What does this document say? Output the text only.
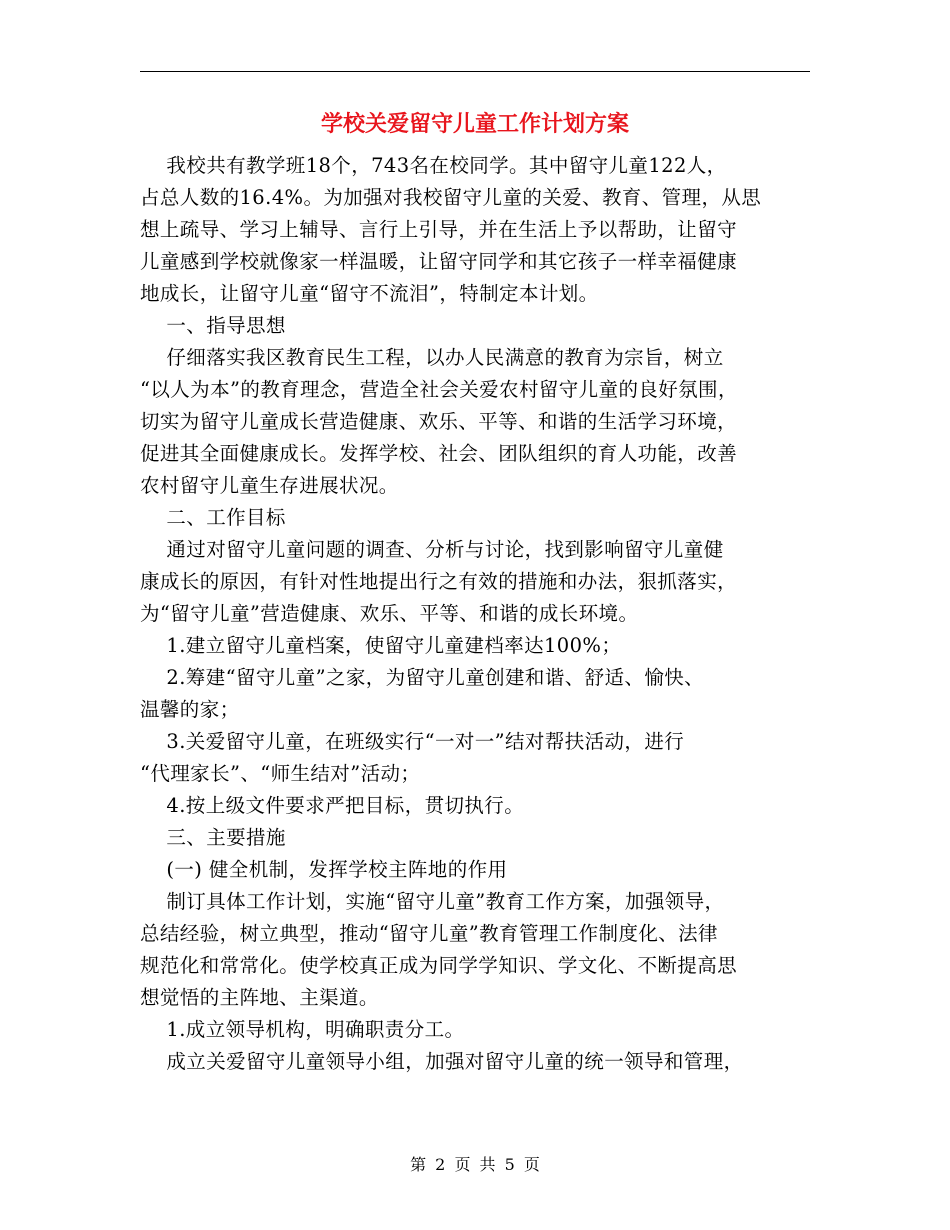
学校关爱留守儿童工作计划方案
我校共有教学班18个，743名在校同学。其中留守儿童122人，
占总人数的16.4%。为加强对我校留守儿童的关爱、教育、管理，从思
想上疏导、学习上辅导、言行上引导，并在生活上予以帮助，让留守
儿童感到学校就像家一样温暖，让留守同学和其它孩子一样幸福健康
地成长，让留守儿童“留守不流泪”，特制定本计划。
一、指导思想
仔细落实我区教育民生工程，以办人民满意的教育为宗旨，树立
“以人为本”的教育理念，营造全社会关爱农村留守儿童的良好氛围，
切实为留守儿童成长营造健康、欢乐、平等、和谐的生活学习环境，
促进其全面健康成长。发挥学校、社会、团队组织的育人功能，改善
农村留守儿童生存进展状况。
二、工作目标
通过对留守儿童问题的调查、分析与讨论，找到影响留守儿童健
康成长的原因，有针对性地提出行之有效的措施和办法，狠抓落实，
为“留守儿童”营造健康、欢乐、平等、和谐的成长环境。
1.建立留守儿童档案，使留守儿童建档率达100%；
2.筹建“留守儿童”之家，为留守儿童创建和谐、舒适、愉快、
温馨的家；
3.关爱留守儿童，在班级实行“一对一”结对帮扶活动，进行
“代理家长”、“师生结对”活动；
4.按上级文件要求严把目标，贯切执行。
三、主要措施
(一) 健全机制，发挥学校主阵地的作用
制订具体工作计划，实施“留守儿童”教育工作方案，加强领导，
总结经验，树立典型，推动“留守儿童”教育管理工作制度化、法律
规范化和常常化。使学校真正成为同学学知识、学文化、不断提高思
想觉悟的主阵地、主渠道。
1.成立领导机构，明确职责分工。
成立关爱留守儿童领导小组，加强对留守儿童的统一领导和管理，
第 2 页 共 5 页
